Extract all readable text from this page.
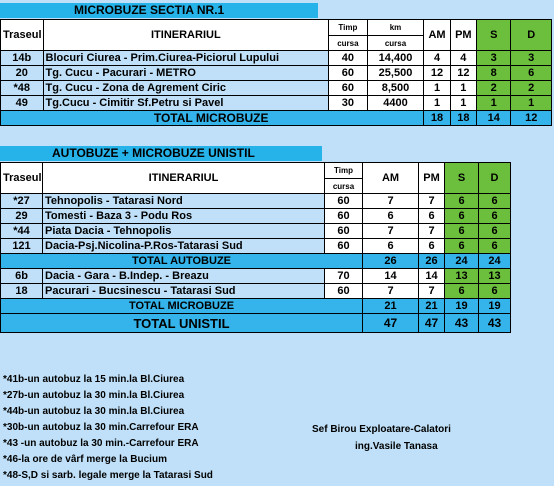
MICROBUZE SECTIA NR.1
Traseul	ITINERARIUL	Timp	km	AM	PM	S	D
		cursa	cursa				
14b	Blocuri Ciurea - Prim.Ciurea-Piciorul Lupului	40	14,400	4	4	3	3
20	Tg. Cucu - Pacurari - METRO	60	25,500	12	12	8	6
*48	Tg. Cucu - Zona de Agrement Ciric	60	8,500	1	1	2	2
49	Tg.Cucu - Cimitir Sf.Petru si Pavel	30	4400	1	1	1	1
TOTAL MICROBUZE				18	18	14	12
AUTOBUZE + MICROBUZE UNISTIL
Traseul	ITINERARIUL	Timp	AM	PM	S	D
		cursa				
*27	Tehnopolis - Tatarasi Nord	60	7	7	6	6
29	Tomesti - Baza 3 - Podu Ros	60	6	6	6	6
*44	Piata Dacia - Tehnopolis	60	7	7	6	6
121	Dacia-Psj.Nicolina-P.Ros-Tatarasi Sud	60	6	6	6	6
TOTAL AUTOBUZE			26	26	24	24
6b	Dacia - Gara - B.Indep. - Breazu	70	14	14	13	13
18	Pacurari - Bucsinescu - Tatarasi Sud	60	7	7	6	6
TOTAL MICROBUZE			21	21	19	19
TOTAL UNISTIL			47	47	43	43
*41b-un autobuz la 15 min.la Bl.Ciurea
*27b-un autobuz la 30 min.la Bl.Ciurea
*44b-un autobuz la 30 min.la Bl.Ciurea
*30b-un autobuz la 30 min.Carrefour ERA
*43 -un autobuz la 30 min.-Carrefour ERA
*46-la ore de vârf merge la Bucium
*48-S,D si sarb. legale merge la Tatarasi Sud
Sef Birou Exploatare-Calatori
ing.Vasile Tanasa
